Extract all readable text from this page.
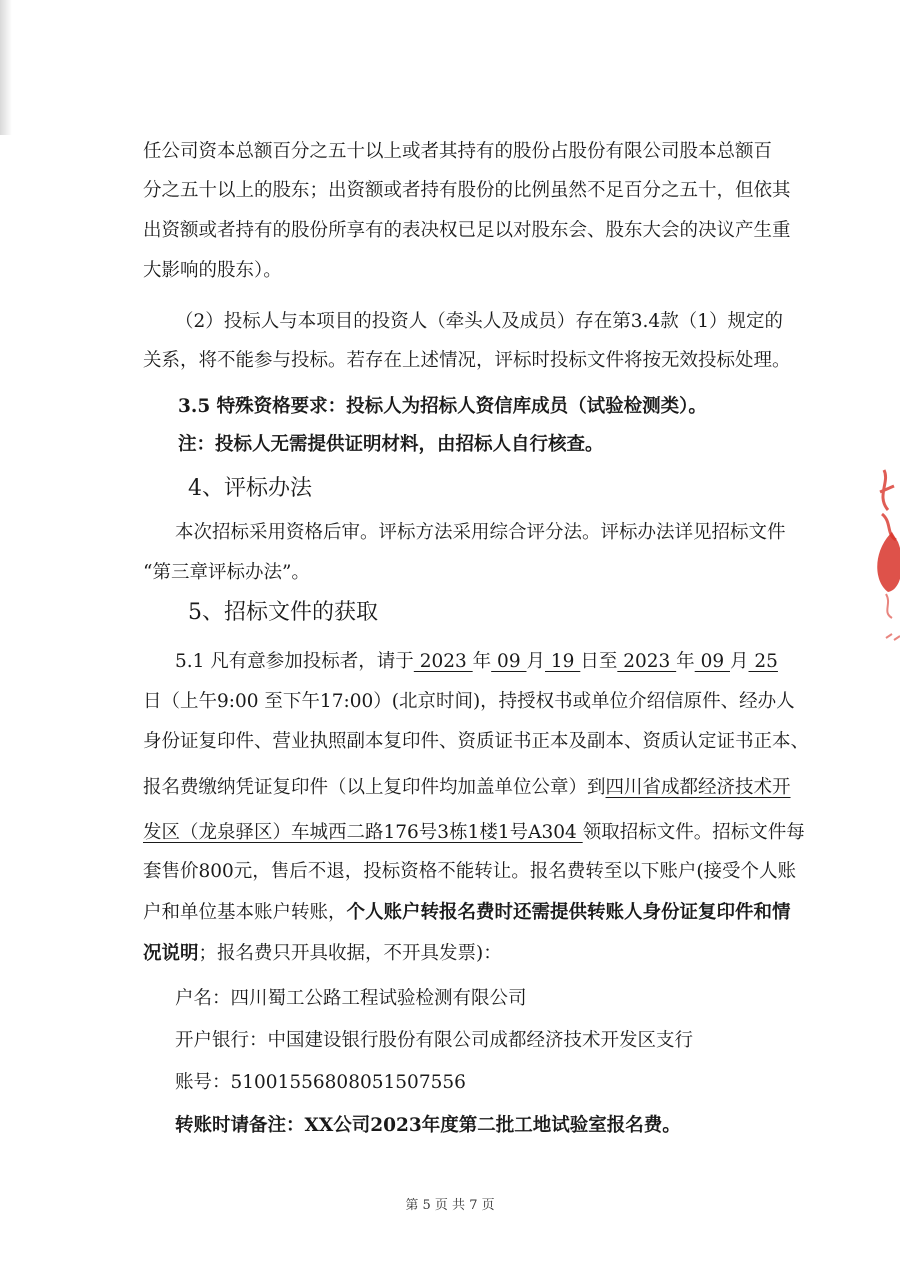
任公司资本总额百分之五十以上或者其持有的股份占股份有限公司股本总额百
分之五十以上的股东；出资额或者持有股份的比例虽然不足百分之五十，但依其
出资额或者持有的股份所享有的表决权已足以对股东会、股东大会的决议产生重
大影响的股东）。
（2）投标人与本项目的投资人（牵头人及成员）存在第3.4款（1）规定的
关系，将不能参与投标。若存在上述情况，评标时投标文件将按无效投标处理。
3.5 特殊资格要求：投标人为招标人资信库成员（试验检测类）。
注：投标人无需提供证明材料，由招标人自行核查。
4、评标办法
本次招标采用资格后审。评标方法采用综合评分法。评标办法详见招标文件
“第三章评标办法”。
5、招标文件的获取
5.1 凡有意参加投标者，请于 2023 年 09 月 19 日至 2023 年 09 月 25
日（上午9:00 至下午17:00）(北京时间)，持授权书或单位介绍信原件、经办人
身份证复印件、营业执照副本复印件、资质证书正本及副本、资质认定证书正本、
报名费缴纳凭证复印件（以上复印件均加盖单位公章）到四川省成都经济技术开
发区（龙泉驿区）车城西二路176号3栋1楼1号A304 领取招标文件。招标文件每
套售价800元，售后不退，投标资格不能转让。报名费转至以下账户(接受个人账
户和单位基本账户转账，个人账户转报名费时还需提供转账人身份证复印件和情
况说明；报名费只开具收据，不开具发票)：
户名：四川蜀工公路工程试验检测有限公司
开户银行：中国建设银行股份有限公司成都经济技术开发区支行
账号：51001556808051507556
转账时请备注：XX公司2023年度第二批工地试验室报名费。
第 5 页 共 7 页
